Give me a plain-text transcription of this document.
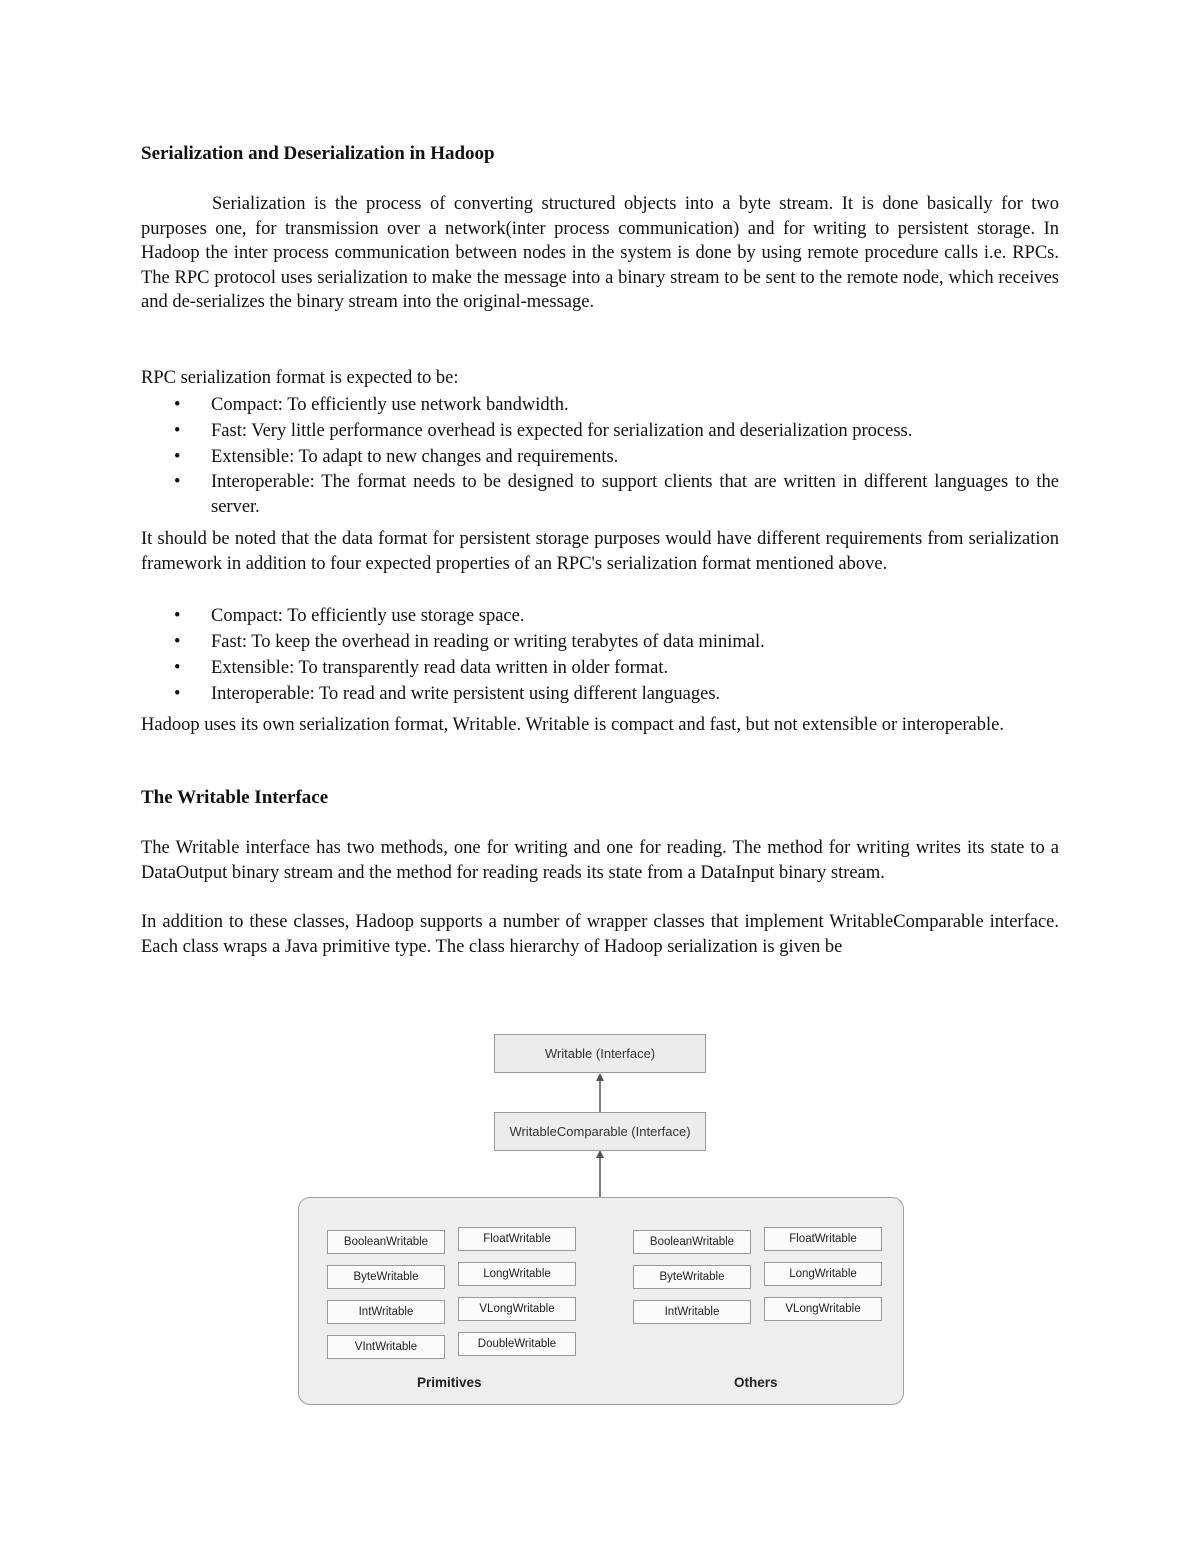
Serialization and Deserialization in Hadoop

Serialization is the process of converting structured objects into a byte stream. It is done basically for two purposes one, for transmission over a network(inter process communication) and for writing to persistent storage. In Hadoop the inter process communication between nodes in the system is done by using remote procedure calls i.e. RPCs. The RPC protocol uses serialization to make the message into a binary stream to be sent to the remote node, which receives and de-serializes the binary stream into the original-message.

RPC serialization format is expected to be:

• Compact: To efficiently use network bandwidth.
• Fast: Very little performance overhead is expected for serialization and deserialization process.
• Extensible: To adapt to new changes and requirements.
• Interoperable: The format needs to be designed to support clients that are written in different languages to the server.

It should be noted that the data format for persistent storage purposes would have different requirements from serialization framework in addition to four expected properties of an RPC's serialization format mentioned above.

• Compact: To efficiently use storage space.
• Fast: To keep the overhead in reading or writing terabytes of data minimal.
• Extensible: To transparently read data written in older format.
• Interoperable: To read and write persistent using different languages.

Hadoop uses its own serialization format, Writable. Writable is compact and fast, but not extensible or interoperable.

The Writable Interface

The Writable interface has two methods, one for writing and one for reading. The method for writing writes its state to a DataOutput binary stream and the method for reading reads its state from a DataInput binary stream.

In addition to these classes, Hadoop supports a number of wrapper classes that implement WritableComparable interface. Each class wraps a Java primitive type. The class hierarchy of Hadoop serialization is given be

Writable (Interface)
WritableComparable (Interface)
BooleanWritable
ByteWritable
IntWritable
VIntWritable
FloatWritable
LongWritable
VLongWritable
DoubleWritable
BooleanWritable
ByteWritable
IntWritable
FloatWritable
LongWritable
VLongWritable
Primitives	Others
